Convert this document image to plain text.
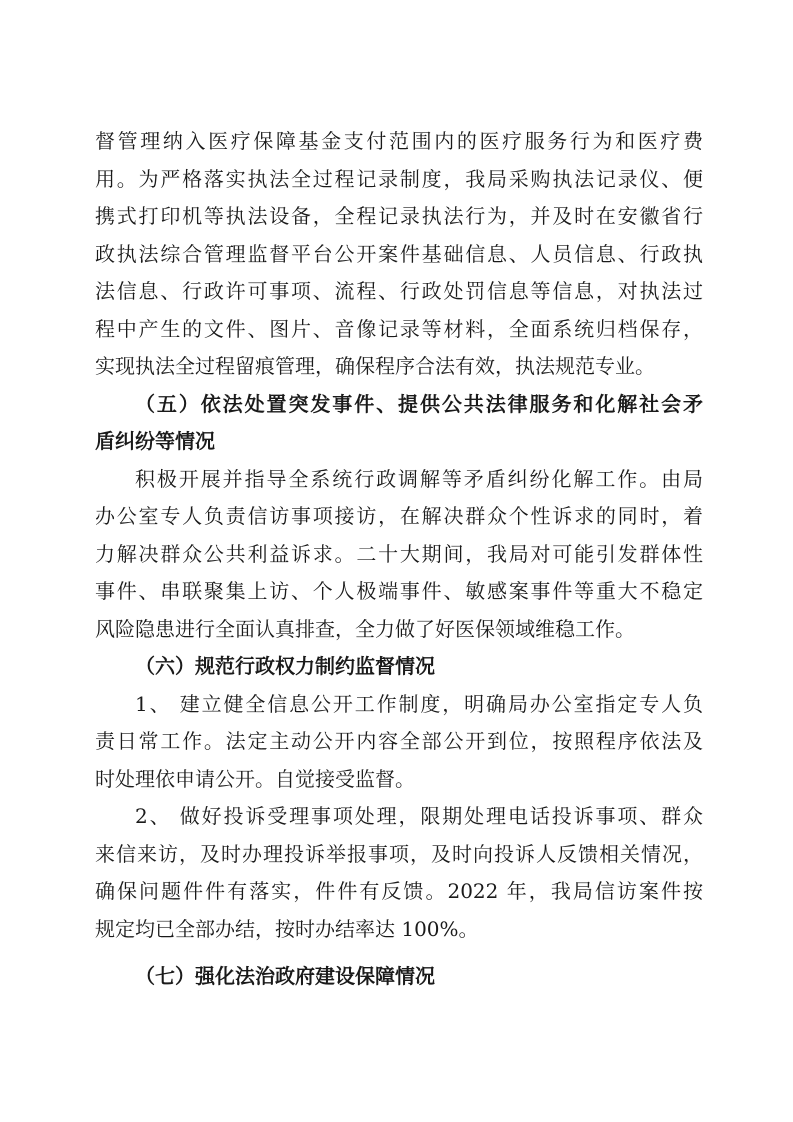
督管理纳入医疗保障基金支付范围内的医疗服务行为和医疗费
用。为严格落实执法全过程记录制度，我局采购执法记录仪、便
携式打印机等执法设备，全程记录执法行为，并及时在安徽省行
政执法综合管理监督平台公开案件基础信息、人员信息、行政执
法信息、行政许可事项、流程、行政处罚信息等信息，对执法过
程中产生的文件、图片、音像记录等材料，全面系统归档保存，
实现执法全过程留痕管理，确保程序合法有效，执法规范专业。
（五）依法处置突发事件、提供公共法律服务和化解社会矛
盾纠纷等情况
积极开展并指导全系统行政调解等矛盾纠纷化解工作。由局
办公室专人负责信访事项接访，在解决群众个性诉求的同时，着
力解决群众公共利益诉求。二十大期间，我局对可能引发群体性
事件、串联聚集上访、个人极端事件、敏感案事件等重大不稳定
风险隐患进行全面认真排查，全力做了好医保领域维稳工作。
（六）规范行政权力制约监督情况
1、 建立健全信息公开工作制度，明确局办公室指定专人负
责日常工作。法定主动公开内容全部公开到位，按照程序依法及
时处理依申请公开。自觉接受监督。
2、 做好投诉受理事项处理，限期处理电话投诉事项、群众
来信来访，及时办理投诉举报事项，及时向投诉人反馈相关情况，
确保问题件件有落实，件件有反馈。2022 年，我局信访案件按
规定均已全部办结，按时办结率达 100%。
（七）强化法治政府建设保障情况
